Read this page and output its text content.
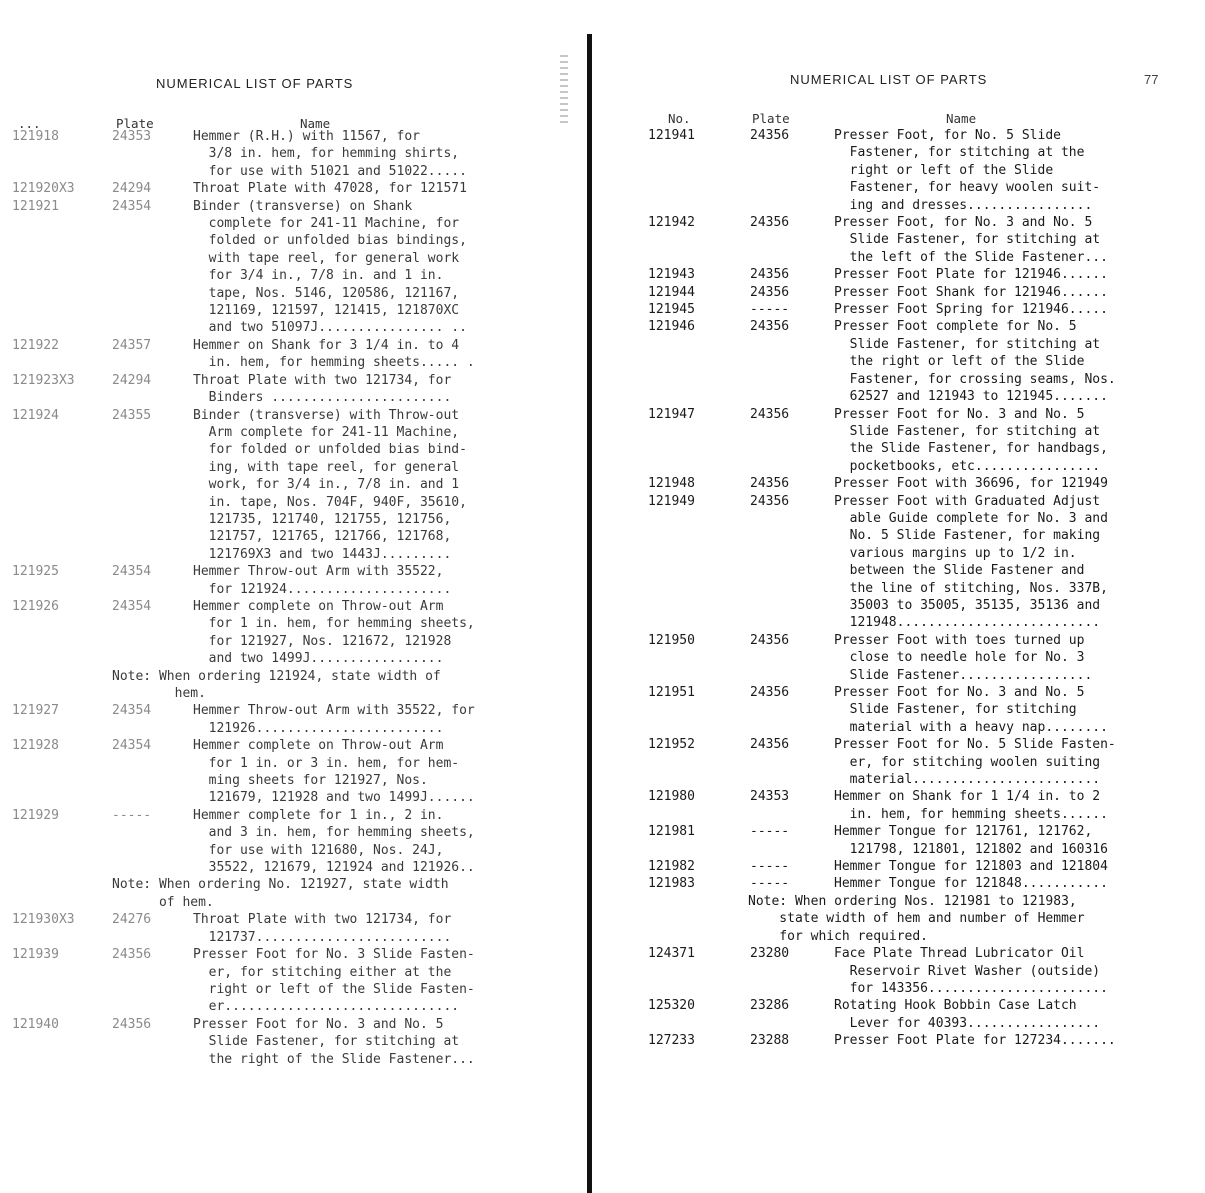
NUMERICAL LIST OF PARTS
...	Plate	Name
121918	24353	Hemmer (R.H.) with 11567, for
3/8 in. hem, for hemming shirts,
for use with 51021 and 51022.....
121920X3	24294	Throat Plate with 47028, for 121571
121921	24354	Binder (transverse) on Shank
complete for 241-11 Machine, for
folded or unfolded bias bindings,
with tape reel, for general work
for 3/4 in., 7/8 in. and 1 in.
tape, Nos. 5146, 120586, 121167,
121169, 121597, 121415, 121870XC
and two 51097J................ ..
121922	24357	Hemmer on Shank for 3 1/4 in. to 4
in. hem, for hemming sheets..... .
121923X3	24294	Throat Plate with two 121734, for
Binders .......................
121924	24355	Binder (transverse) with Throw-out
Arm complete for 241-11 Machine,
for folded or unfolded bias bind-
ing, with tape reel, for general
work, for 3/4 in., 7/8 in. and 1
in. tape, Nos. 704F, 940F, 35610,
121735, 121740, 121755, 121756,
121757, 121765, 121766, 121768,
121769X3 and two 1443J.........
121925	24354	Hemmer Throw-out Arm with 35522,
for 121924.....................
121926	24354	Hemmer complete on Throw-out Arm
for 1 in. hem, for hemming sheets,
for 121927, Nos. 121672, 121928
and two 1499J.................
Note: When ordering 121924, state width of
hem.
121927	24354	Hemmer Throw-out Arm with 35522, for
121926........................
121928	24354	Hemmer complete on Throw-out Arm
for 1 in. or 3 in. hem, for hem-
ming sheets for 121927, Nos.
121679, 121928 and two 1499J......
121929	-----	Hemmer complete for 1 in., 2 in.
and 3 in. hem, for hemming sheets,
for use with 121680, Nos. 24J,
35522, 121679, 121924 and 121926..
Note: When ordering No. 121927, state width
of hem.
121930X3	24276	Throat Plate with two 121734, for
121737.........................
121939	24356	Presser Foot for No. 3 Slide Fasten-
er, for stitching either at the
right or left of the Slide Fasten-
er..............................
121940	24356	Presser Foot for No. 3 and No. 5
Slide Fastener, for stitching at
the right of the Slide Fastener...
NUMERICAL LIST OF PARTS	77
No.	Plate	Name
121941	24356	Presser Foot, for No. 5 Slide
Fastener, for stitching at the
right or left of the Slide
Fastener, for heavy woolen suit-
ing and dresses................
121942	24356	Presser Foot, for No. 3 and No. 5
Slide Fastener, for stitching at
the left of the Slide Fastener...
121943	24356	Presser Foot Plate for 121946......
121944	24356	Presser Foot Shank for 121946......
121945	-----	Presser Foot Spring for 121946.....
121946	24356	Presser Foot complete for No. 5
Slide Fastener, for stitching at
the right or left of the Slide
Fastener, for crossing seams, Nos.
62527 and 121943 to 121945.......
121947	24356	Presser Foot for No. 3 and No. 5
Slide Fastener, for stitching at
the Slide Fastener, for handbags,
pocketbooks, etc................
121948	24356	Presser Foot with 36696, for 121949
121949	24356	Presser Foot with Graduated Adjust
able Guide complete for No. 3 and
No. 5 Slide Fastener, for making
various margins up to 1/2 in.
between the Slide Fastener and
the line of stitching, Nos. 337B,
35003 to 35005, 35135, 35136 and
121948..........................
121950	24356	Presser Foot with toes turned up
close to needle hole for No. 3
Slide Fastener.................
121951	24356	Presser Foot for No. 3 and No. 5
Slide Fastener, for stitching
material with a heavy nap........
121952	24356	Presser Foot for No. 5 Slide Fasten-
er, for stitching woolen suiting
material........................
121980	24353	Hemmer on Shank for 1 1/4 in. to 2
in. hem, for hemming sheets......
121981	-----	Hemmer Tongue for 121761, 121762,
121798, 121801, 121802 and 160316
121982	-----	Hemmer Tongue for 121803 and 121804
121983	-----	Hemmer Tongue for 121848...........
Note: When ordering Nos. 121981 to 121983,
state width of hem and number of Hemmer
for which required.
124371	23280	Face Plate Thread Lubricator Oil
Reservoir Rivet Washer (outside)
for 143356.......................
125320	23286	Rotating Hook Bobbin Case Latch
Lever for 40393.................
127233	23288	Presser Foot Plate for 127234.......
